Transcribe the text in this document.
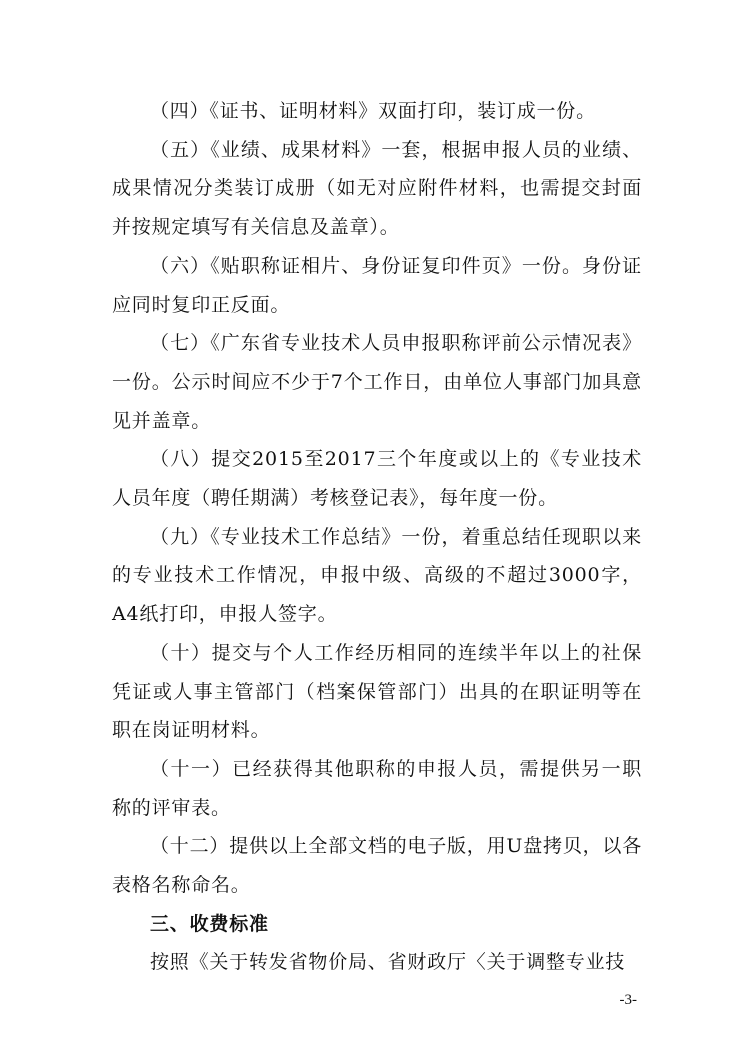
（四）《证书、证明材料》双面打印，装订成一份。

（五）《业绩、成果材料》一套，根据申报人员的业绩、成果情况分类装订成册（如无对应附件材料，也需提交封面并按规定填写有关信息及盖章）。

（六）《贴职称证相片、身份证复印件页》一份。身份证应同时复印正反面。

（七）《广东省专业技术人员申报职称评前公示情况表》一份。公示时间应不少于7个工作日，由单位人事部门加具意见并盖章。

（八）提交2015至2017三个年度或以上的《专业技术人员年度（聘任期满）考核登记表》，每年度一份。

（九）《专业技术工作总结》一份，着重总结任现职以来的专业技术工作情况，申报中级、高级的不超过3000字，A4纸打印，申报人签字。

（十）提交与个人工作经历相同的连续半年以上的社保凭证或人事主管部门（档案保管部门）出具的在职证明等在职在岗证明材料。

（十一）已经获得其他职称的申报人员，需提供另一职称的评审表。

（十二）提供以上全部文档的电子版，用U盘拷贝，以各表格名称命名。

三、收费标准

按照《关于转发省物价局、省财政厅〈关于调整专业技

-3-
